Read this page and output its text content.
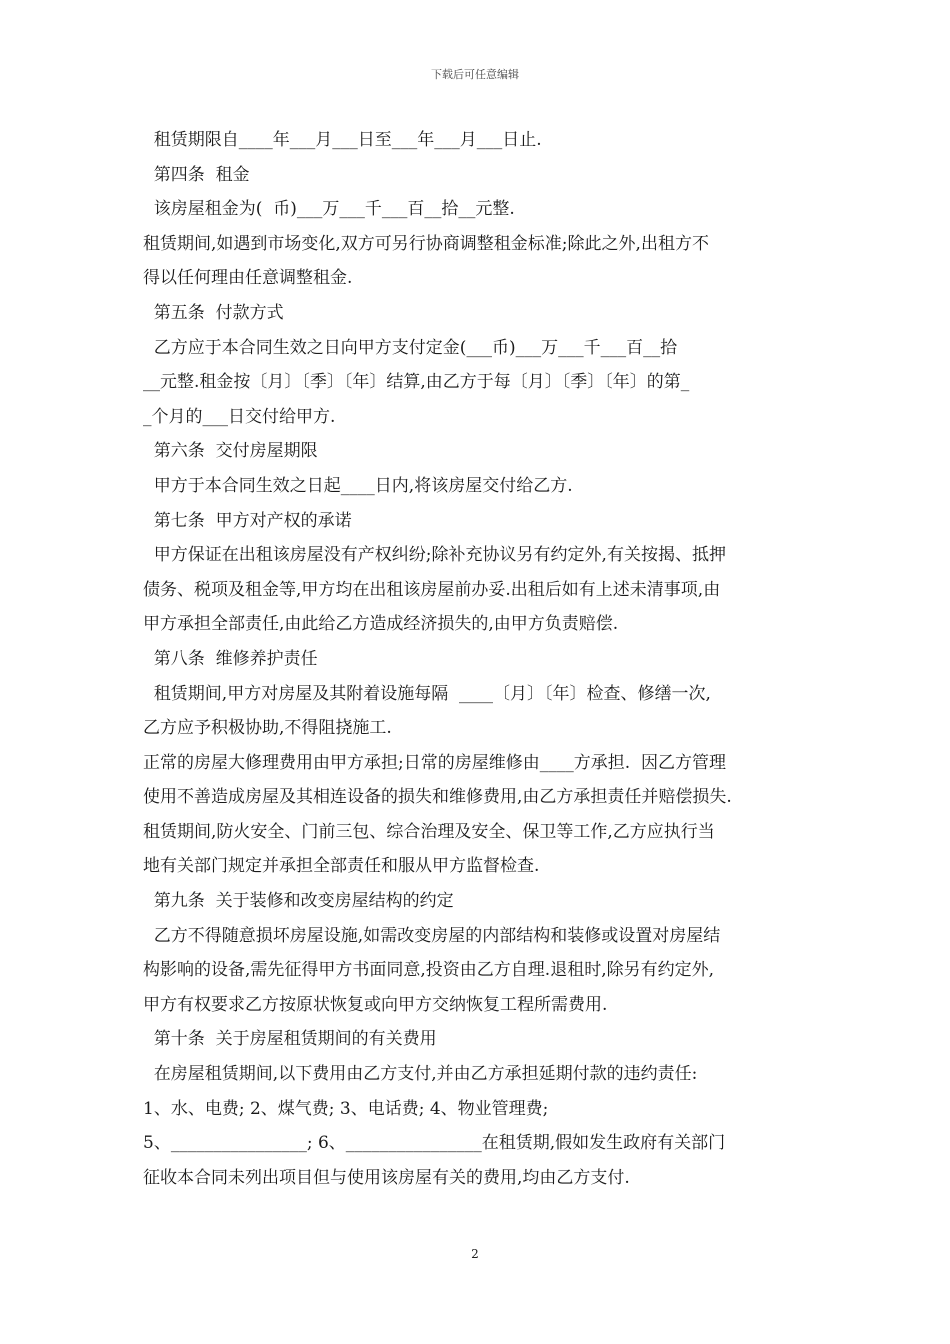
下载后可任意编辑
租赁期限自____年___月___日至___年___月___日止.
第四条  租金
该房屋租金为(  币)___万___千___百__拾__元整.
租赁期间,如遇到市场变化,双方可另行协商调整租金标准;除此之外,出租方不
得以任何理由任意调整租金.
第五条  付款方式
乙方应于本合同生效之日向甲方支付定金(___币)___万___千___百__拾
__元整.租金按〔月〕〔季〕〔年〕结算,由乙方于每〔月〕〔季〕〔年〕的第_
_个月的___日交付给甲方.
第六条  交付房屋期限
甲方于本合同生效之日起____日内,将该房屋交付给乙方.
第七条  甲方对产权的承诺
甲方保证在出租该房屋没有产权纠纷;除补充协议另有约定外,有关按揭、抵押
债务、税项及租金等,甲方均在出租该房屋前办妥.出租后如有上述未清事项,由
甲方承担全部责任,由此给乙方造成经济损失的,由甲方负责赔偿.
第八条  维修养护责任
租赁期间,甲方对房屋及其附着设施每隔  ____〔月〕〔年〕检查、修缮一次,
乙方应予积极协助,不得阻挠施工.
正常的房屋大修理费用由甲方承担;日常的房屋维修由____方承担.  因乙方管理
使用不善造成房屋及其相连设备的损失和维修费用,由乙方承担责任并赔偿损失.
租赁期间,防火安全、门前三包、综合治理及安全、保卫等工作,乙方应执行当
地有关部门规定并承担全部责任和服从甲方监督检查.
第九条  关于装修和改变房屋结构的约定
乙方不得随意损坏房屋设施,如需改变房屋的内部结构和装修或设置对房屋结
构影响的设备,需先征得甲方书面同意,投资由乙方自理.退租时,除另有约定外,
甲方有权要求乙方按原状恢复或向甲方交纳恢复工程所需费用.
第十条  关于房屋租赁期间的有关费用
在房屋租赁期间,以下费用由乙方支付,并由乙方承担延期付款的违约责任:
1、水、电费; 2、煤气费; 3、电话费; 4、物业管理费;
5、________________; 6、________________在租赁期,假如发生政府有关部门
征收本合同未列出项目但与使用该房屋有关的费用,均由乙方支付.
2
